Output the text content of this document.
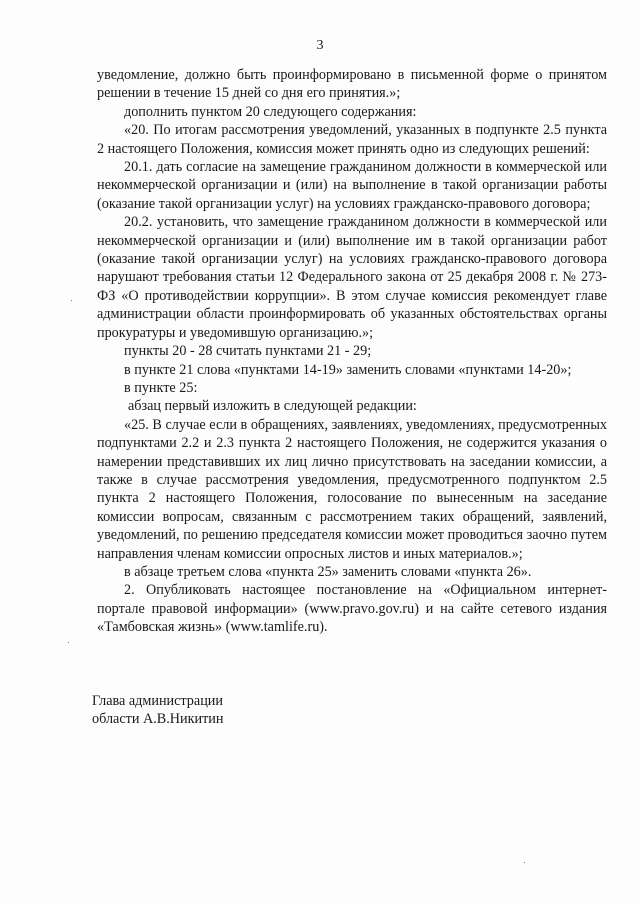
3

уведомление, должно быть проинформировано в письменной форме о принятом решении в течение 15 дней со дня его принятия.»;

дополнить пунктом 20 следующего содержания:

«20. По итогам рассмотрения уведомлений, указанных в подпункте 2.5 пункта 2 настоящего Положения, комиссия может принять одно из следующих решений:

20.1. дать согласие на замещение гражданином должности в коммерческой или некоммерческой организации и (или) на выполнение в такой организации работы (оказание такой организации услуг) на условиях гражданско-правового договора;

20.2. установить, что замещение гражданином должности в коммерческой или некоммерческой организации и (или) выполнение им в такой организации работ (оказание такой организации услуг) на условиях гражданско-правового договора нарушают требования статьи 12 Федерального закона от 25 декабря 2008 г. № 273-ФЗ «О противодействии коррупции». В этом случае комиссия рекомендует главе администрации области проинформировать об указанных обстоятельствах органы прокуратуры и уведомившую организацию.»;

пункты 20 - 28 считать пунктами 21 - 29;

в пункте 21 слова «пунктами 14-19» заменить словами «пунктами 14-20»;

в пункте 25:

абзац первый изложить в следующей редакции:

«25. В случае если в обращениях, заявлениях, уведомлениях, предусмотренных подпунктами 2.2 и 2.3 пункта 2 настоящего Положения, не содержится указания о намерении представивших их лиц лично присутствовать на заседании комиссии, а также в случае рассмотрения уведомления, предусмотренного подпунктом 2.5 пункта 2 настоящего Положения, голосование по вынесенным на заседание комиссии вопросам, связанным с рассмотрением таких обращений, заявлений, уведомлений, по решению председателя комиссии может проводиться заочно путем направления членам комиссии опросных листов и иных материалов.»;

в абзаце третьем слова «пункта 25» заменить словами «пункта 26».

2. Опубликовать настоящее постановление на «Официальном интернет-портале правовой информации» (www.pravo.gov.ru) и на сайте сетевого издания «Тамбовская жизнь» (www.tamlife.ru).

Глава администрации
области А.В.Никитин
